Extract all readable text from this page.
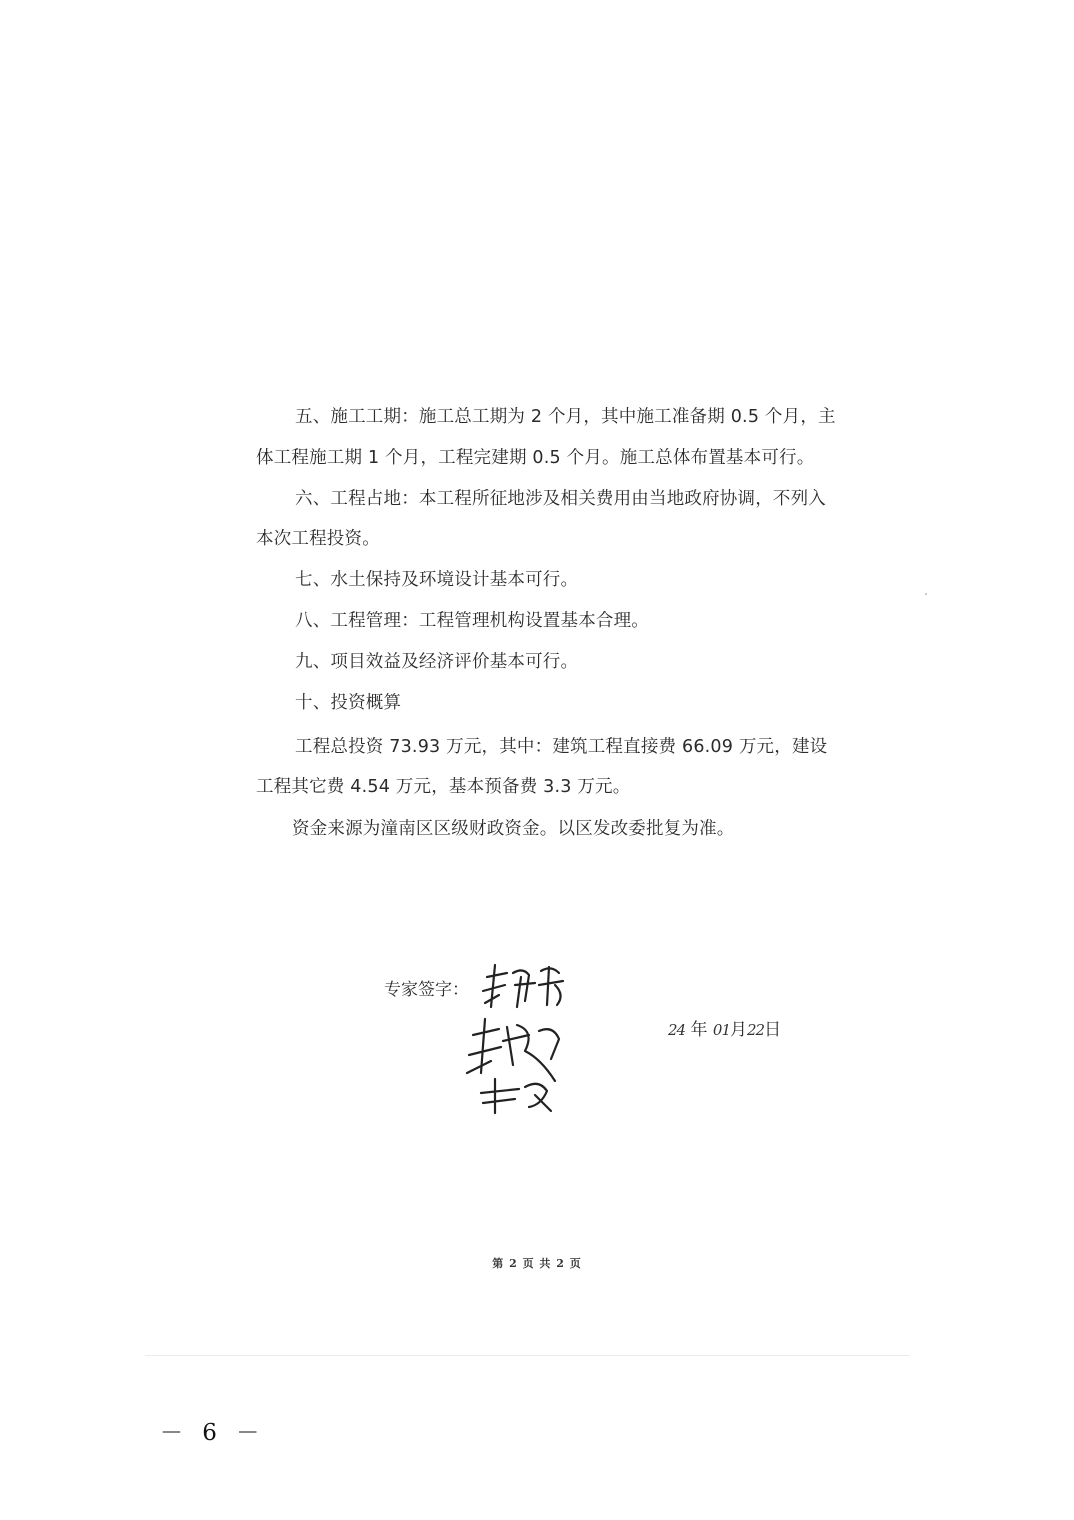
五、施工工期：施工总工期为 2 个月，其中施工准备期 0.5 个月，主
体工程施工期 1 个月，工程完建期 0.5 个月。施工总体布置基本可行。
六、工程占地：本工程所征地涉及相关费用由当地政府协调，不列入
本次工程投资。
七、水土保持及环境设计基本可行。
八、工程管理：工程管理机构设置基本合理。
九、项目效益及经济评价基本可行。
十、投资概算
工程总投资 73.93 万元，其中：建筑工程直接费 66.09 万元，建设
工程其它费 4.54 万元，基本预备费 3.3 万元。
资金来源为潼南区区级财政资金。以区发改委批复为准。
专家签字：
24 年 01月22日
第 2 页 共 2 页
－ 6 －
